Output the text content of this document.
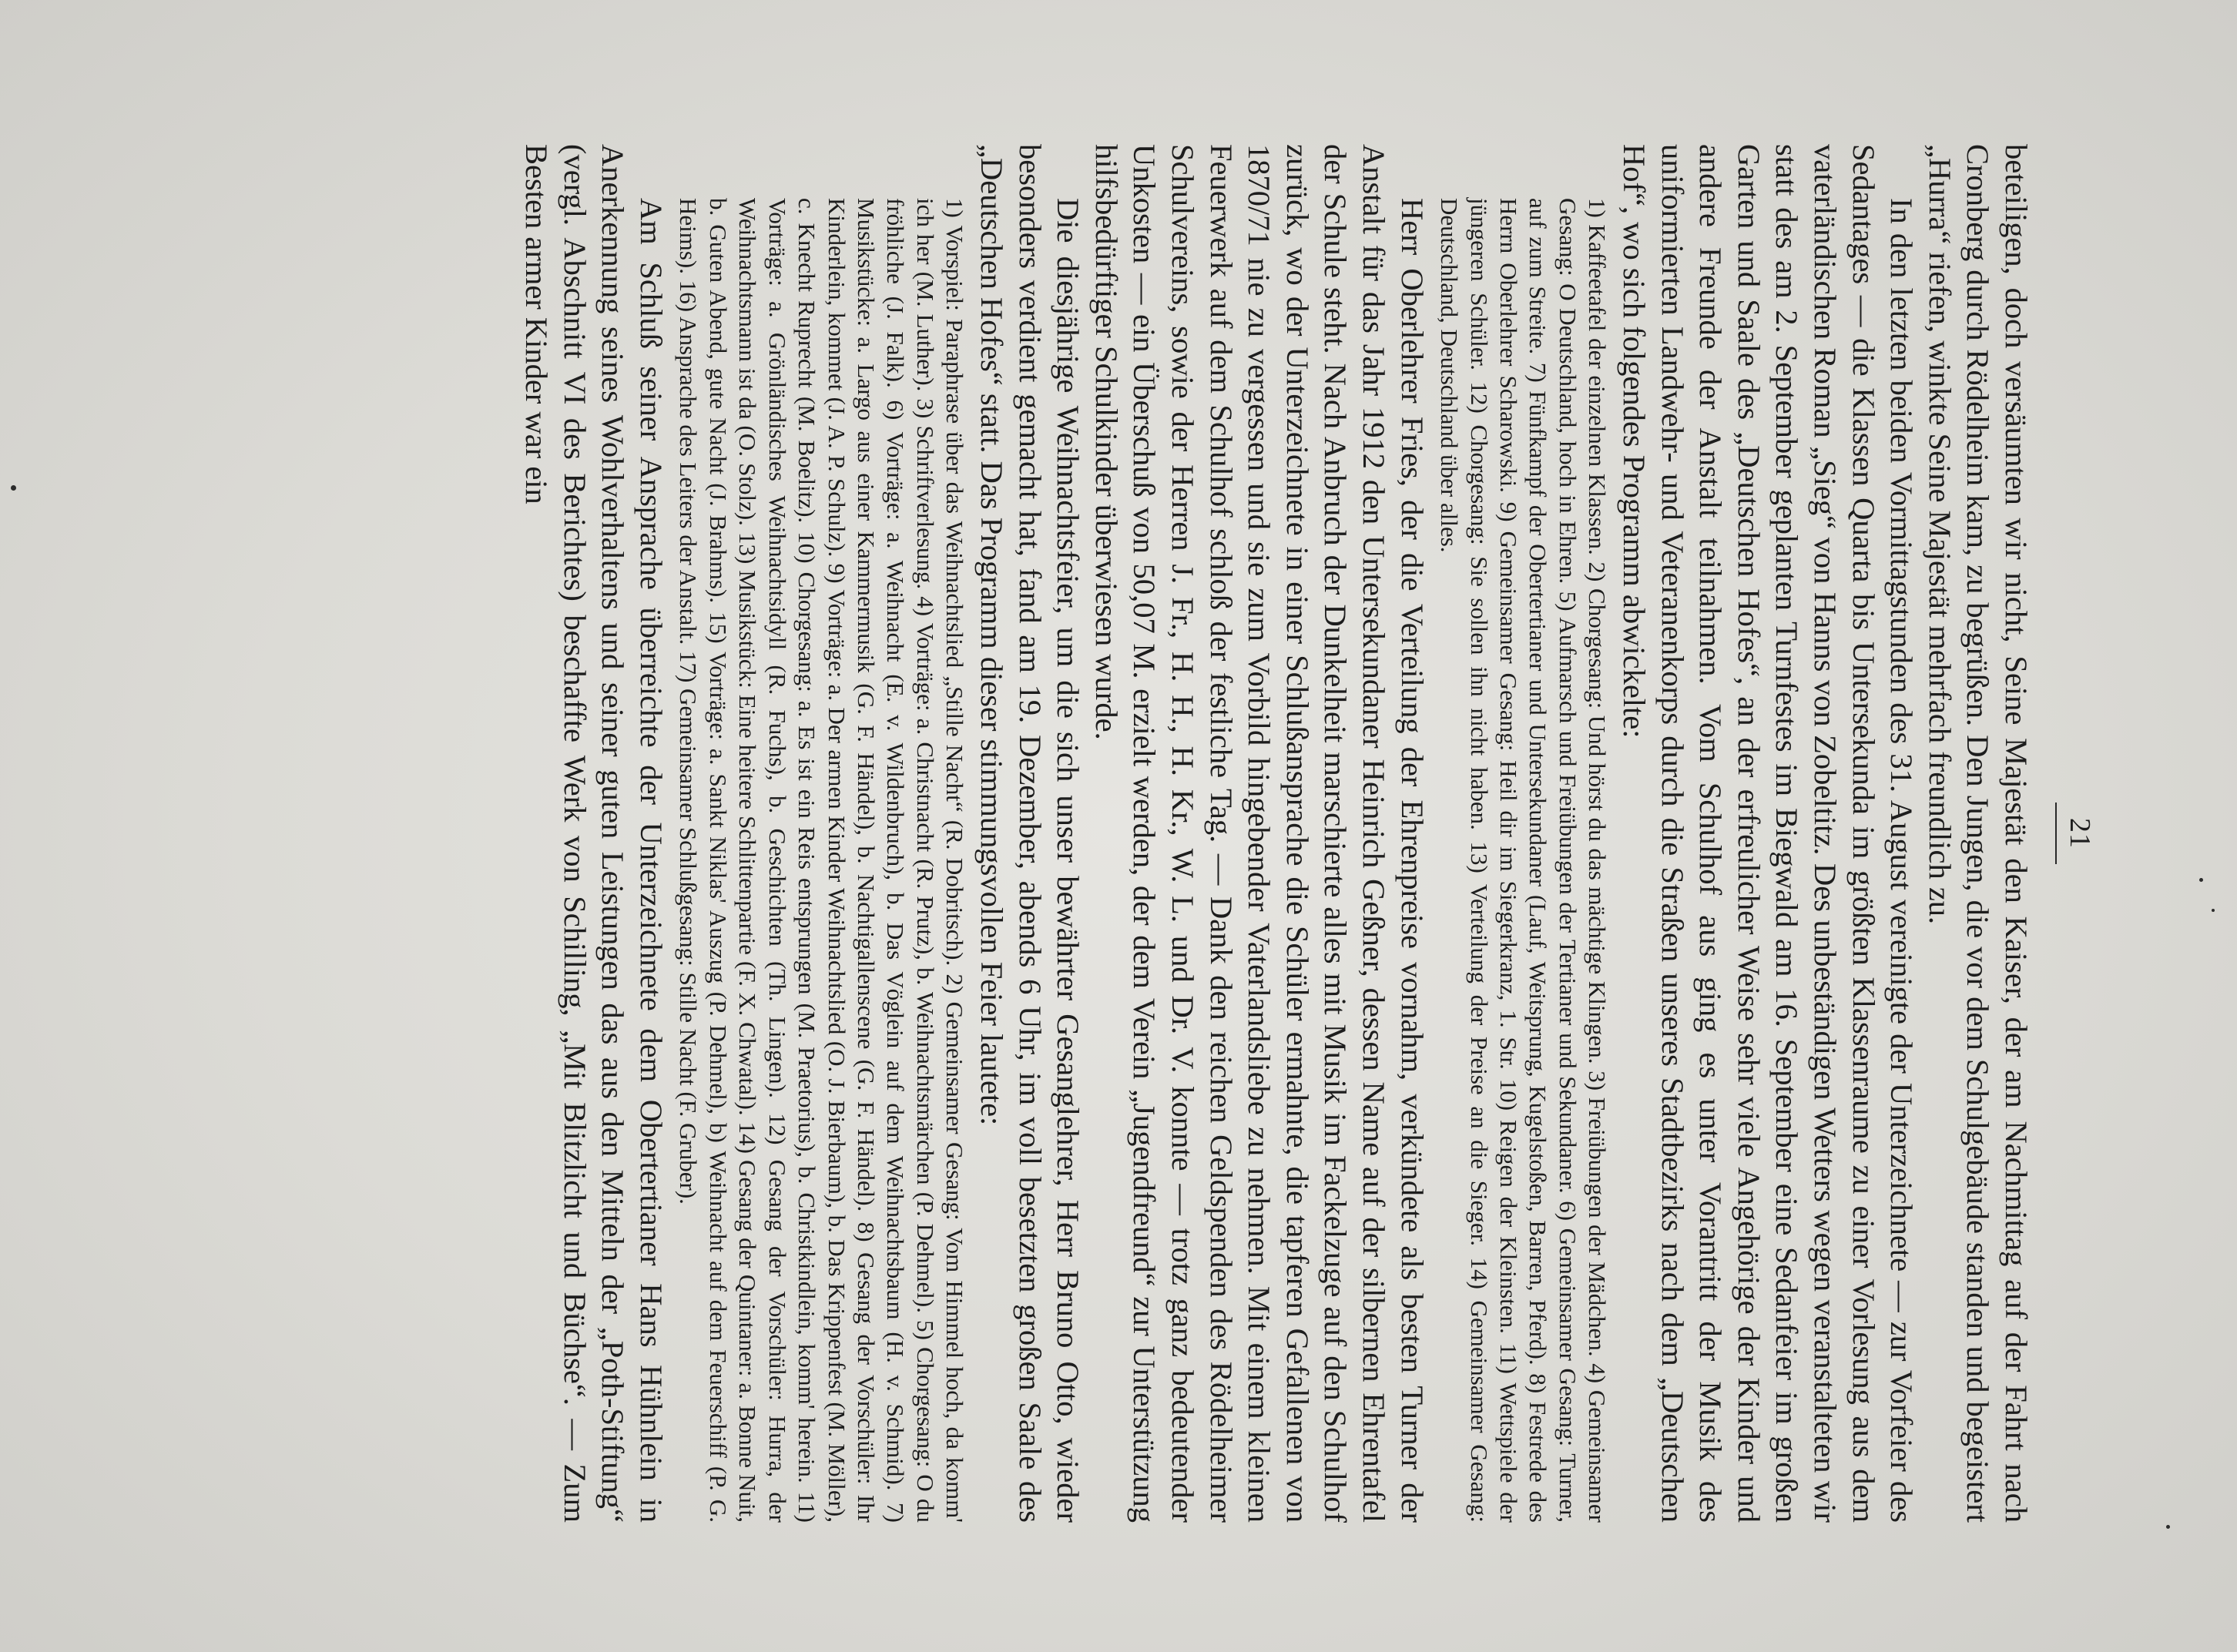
21

beteiligen, doch versäumten wir nicht, Seine Majestät den Kaiser, der am Nachmittag auf der Fahrt nach Cronberg durch Rödelheim kam, zu begrüßen. Den Jungen, die vor dem Schulgebäude standen und begeistert „Hurra“ riefen, winkte Seine Majestät mehrfach freundlich zu.

In den letzten beiden Vormittagstunden des 31. August vereinigte der Unterzeichnete — zur Vorfeier des Sedantages — die Klassen Quarta bis Untersekunda im größten Klassenraume zu einer Vorlesung aus dem vaterländischen Roman „Sieg“ von Hanns von Zobeltitz. Des unbeständigen Wetters wegen veranstalteten wir statt des am 2. September geplanten Turnfestes im Biegwald am 16. September eine Sedanfeier im großen Garten und Saale des „Deutschen Hofes“, an der erfreulicher Weise sehr viele Angehörige der Kinder und andere Freunde der Anstalt teilnahmen. Vom Schulhof aus ging es unter Vorantritt der Musik des uniformierten Landwehr- und Veteranenkorps durch die Straßen unseres Stadtbezirks nach dem „Deutschen Hof“, wo sich folgendes Programm abwickelte:

1) Kaffeetafel der einzelnen Klassen. 2) Chorgesang: Und hörst du das mächtige Klingen. 3) Freiübungen der Mädchen. 4) Gemeinsamer Gesang: O Deutschland, hoch in Ehren. 5) Aufmarsch und Freiübungen der Tertianer und Sekundaner. 6) Gemeinsamer Gesang: Turner, auf zum Streite. 7) Fünfkampf der Obertertianer und Untersekundaner (Lauf, Weitsprung, Kugelstoßen, Barren, Pferd). 8) Festrede des Herrn Oberlehrer Scharowski. 9) Gemeinsamer Gesang: Heil dir im Siegerkranz, 1. Str. 10) Reigen der Kleinsten. 11) Wettspiele der jüngeren Schüler. 12) Chorgesang: Sie sollen ihn nicht haben. 13) Verteilung der Preise an die Sieger. 14) Gemeinsamer Gesang: Deutschland, Deutschland über alles.

Herr Oberlehrer Fries, der die Verteilung der Ehrenpreise vornahm, verkündete als besten Turner der Anstalt für das Jahr 1912 den Untersekundaner Heinrich Geßner, dessen Name auf der silbernen Ehrentafel der Schule steht. Nach Anbruch der Dunkelheit marschierte alles mit Musik im Fackelzuge auf den Schulhof zurück, wo der Unterzeichnete in einer Schlußansprache die Schüler ermahnte, die tapferen Gefallenen von 1870/71 nie zu vergessen und sie zum Vorbild hingebender Vaterlandsliebe zu nehmen. Mit einem kleinen Feuerwerk auf dem Schulhof schloß der festliche Tag. — Dank den reichen Geldspenden des Rödelheimer Schulvereins, sowie der Herren J. Fr., H. H., H. Kr., W. L. und Dr. V. konnte — trotz ganz bedeutender Unkosten — ein Überschuß von 50,07 M. erzielt werden, der dem Verein „Jugendfreund“ zur Unterstützung hilfsbedürftiger Schulkinder überwiesen wurde.

Die diesjährige Weihnachtsfeier, um die sich unser bewährter Gesanglehrer, Herr Bruno Otto, wieder besonders verdient gemacht hat, fand am 19. Dezember, abends 6 Uhr, im voll besetzten großen Saale des „Deutschen Hofes“ statt. Das Programm dieser stimmungsvollen Feier lautete:

1) Vorspiel: Paraphrase über das Weihnachtslied „Stille Nacht“ (R. Dobritsch). 2) Gemeinsamer Gesang: Vom Himmel hoch, da komm' ich her (M. Luther). 3) Schriftverlesung. 4) Vorträge: a. Christnacht (R. Prutz), b. Weihnachtsmärchen (P. Dehmel). 5) Chorgesang: O du fröhliche (J. Falk). 6) Vorträge: a. Weihnacht (E. v. Wildenbruch), b. Das Vöglein auf dem Weihnachtsbaum (H. v. Schmid). 7) Musikstücke: a. Largo aus einer Kammermusik (G. F. Händel), b. Nachtigallenscene (G. F. Händel). 8) Gesang der Vorschüler: Ihr Kinderlein, kommet (J. A. P. Schulz). 9) Vorträge: a. Der armen Kinder Weihnachtslied (O. J. Bierbaum), b. Das Krippenfest (M. Möller), c. Knecht Ruprecht (M. Boelitz). 10) Chorgesang: a. Es ist ein Reis entsprungen (M. Praetorius), b. Christkindlein, komm' herein. 11) Vorträge: a. Grönländisches Weihnachtsidyll (R. Fuchs), b. Geschichten (Th. Lingen). 12) Gesang der Vorschüler: Hurra, der Weihnachtsmann ist da (O. Stolz). 13) Musikstück: Eine heitere Schlittenpartie (F. X. Chwatal). 14) Gesang der Quintaner: a. Bonne Nuit, b. Guten Abend, gute Nacht (J. Brahms). 15) Vorträge: a. Sankt Niklas' Auszug (P. Dehmel), b) Weihnacht auf dem Feuerschiff (P. G. Heims). 16) Ansprache des Leiters der Anstalt. 17) Gemeinsamer Schlußgesang: Stille Nacht (F. Gruber).

Am Schluß seiner Ansprache überreichte der Unterzeichnete dem Obertertianer Hans Hühnlein in Anerkennung seines Wohlverhaltens und seiner guten Leistungen das aus den Mitteln der „Poth-Stiftung“ (vergl. Abschnitt VI des Berichtes) beschaffte Werk von Schilling, „Mit Blitzlicht und Büchse“. — Zum Besten armer Kinder war ein
